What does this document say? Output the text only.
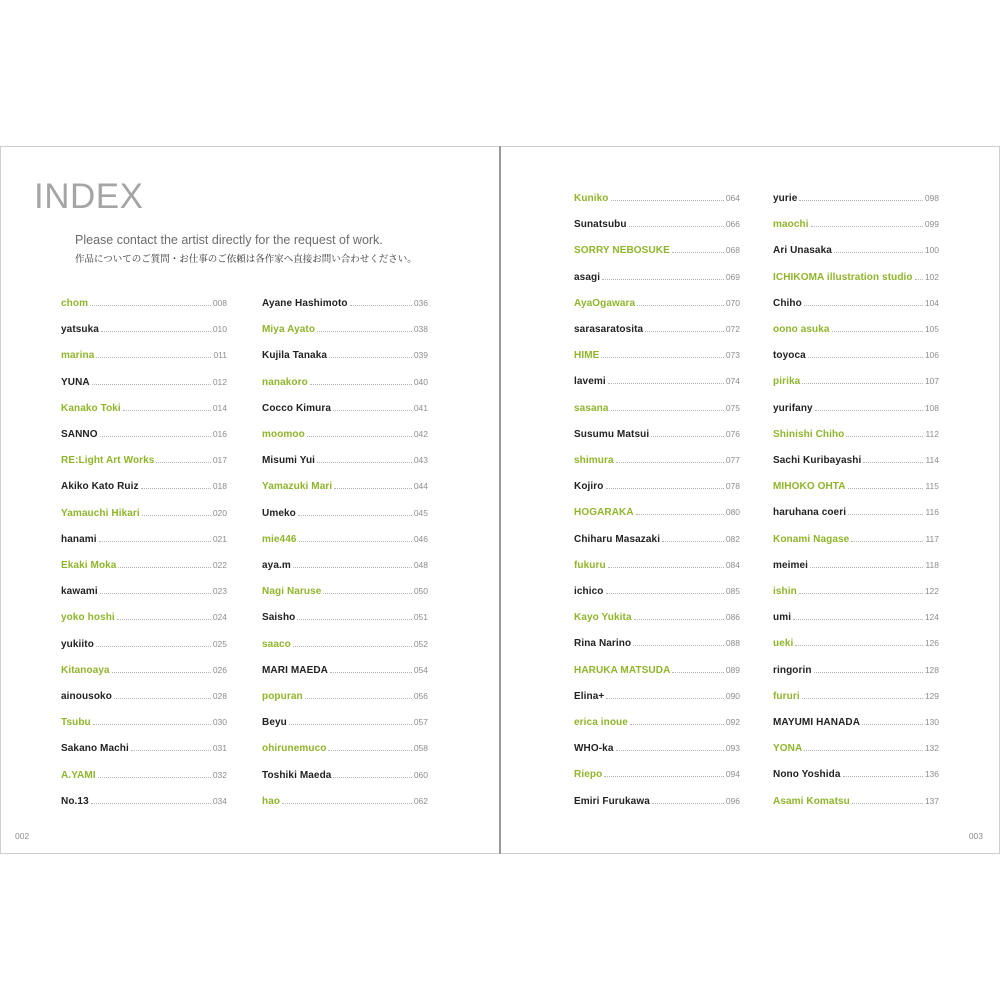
INDEX

Please contact the artist directly for the request of work.

作品についてのご質問・お仕事のご依頼は各作家へ直接お問い合わせください。

chom	008
yatsuka	010
marina	011
YUNA	012
Kanako Toki	014
SANNO	016
RE:Light Art Works	017
Akiko Kato Ruiz	018
Yamauchi Hikari	020
hanami	021
Ekaki Moka	022
kawami	023
yoko hoshi	024
yukiito	025
Kitanoaya	026
ainousoko	028
Tsubu	030
Sakano Machi	031
A.YAMI	032
No.13	034
Ayane Hashimoto	036
Miya Ayato	038
Kujila Tanaka	039
nanakoro	040
Cocco Kimura	041
moomoo	042
Misumi Yui	043
Yamazuki Mari	044
Umeko	045
mie446	046
aya.m	048
Nagi Naruse	050
Saisho	051
saaco	052
MARI MAEDA	054
popuran	056
Beyu	057
ohirunemuco	058
Toshiki Maeda	060
hao	062
002
Kuniko	064
Sunatsubu	066
SORRY NEBOSUKE	068
asagi	069
AyaOgawara	070
sarasaratosita	072
HIME	073
lavemi	074
sasana	075
Susumu Matsui	076
shimura	077
Kojiro	078
HOGARAKA	080
Chiharu Masazaki	082
fukuru	084
ichico	085
Kayo Yukita	086
Rina Narino	088
HARUKA MATSUDA	089
Elina+	090
erica inoue	092
WHO-ka	093
Riepo	094
Emiri Furukawa	096
yurie	098
maochi	099
Ari Unasaka	100
ICHIKOMA illustration studio 102
Chiho	104
oono asuka	105
toyoca	106
pirika	107
yurifany	108
Shinishi Chiho	112
Sachi Kuribayashi	114
MIHOKO OHTA	115
haruhana coeri	116
Konami Nagase	117
meimei	118
ishin	122
umi	124
ueki	126
ringorin	128
fururi	129
MAYUMI HANADA	130
YONA	132
Nono Yoshida	136
Asami Komatsu	137
003
